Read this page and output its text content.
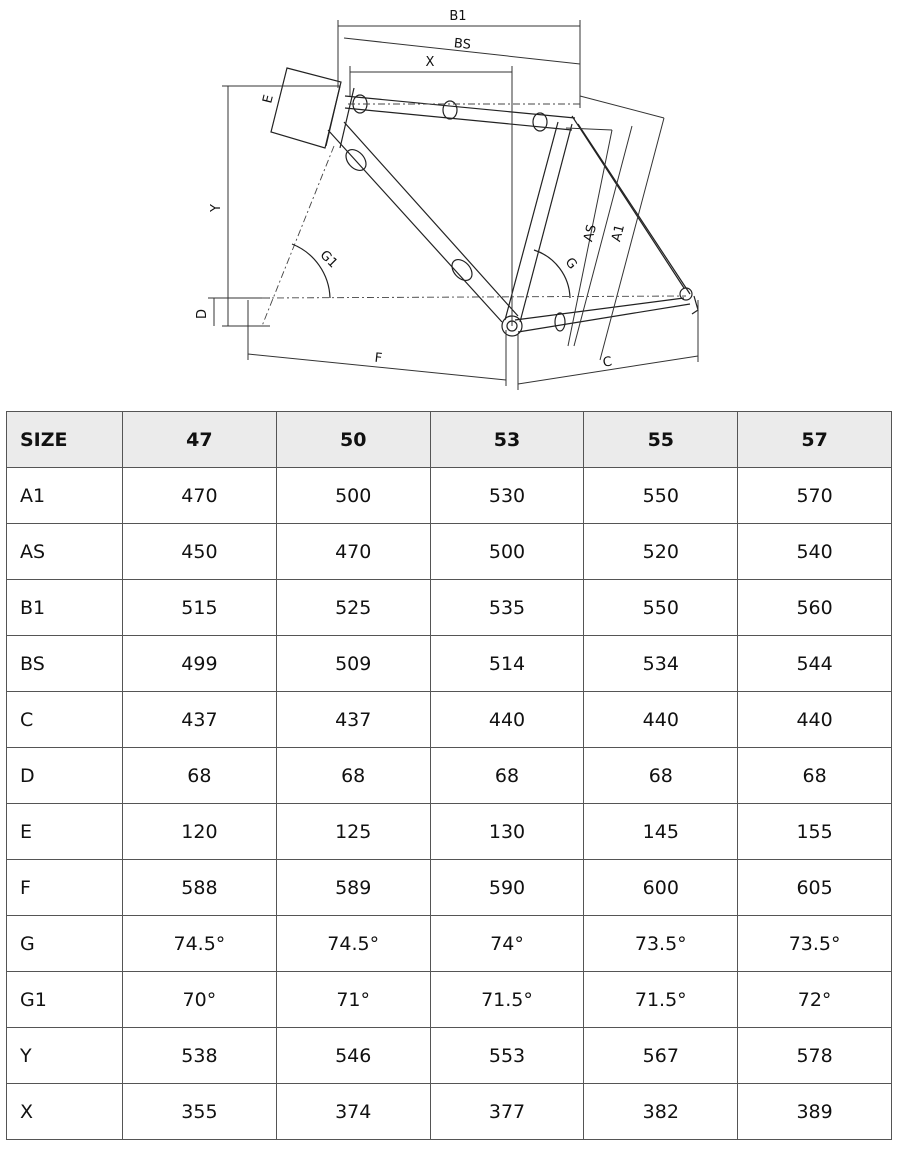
B1
BS
X
E
Y
G1	G
AS A1
D
F	C
SIZE	47	50	53	55	57
A1	470	500	530	550	570
AS	450	470	500	520	540
B1	515	525	535	550	560
BS	499	509	514	534	544
C	437	437	440	440	440
D	68	68	68	68	68
E	120	125	130	145	155
F	588	589	590	600	605
G	74.5°	74.5°	74°	73.5°	73.5°
G1	70°	71°	71.5°	71.5°	72°
Y	538	546	553	567	578
X	355	374	377	382	389
